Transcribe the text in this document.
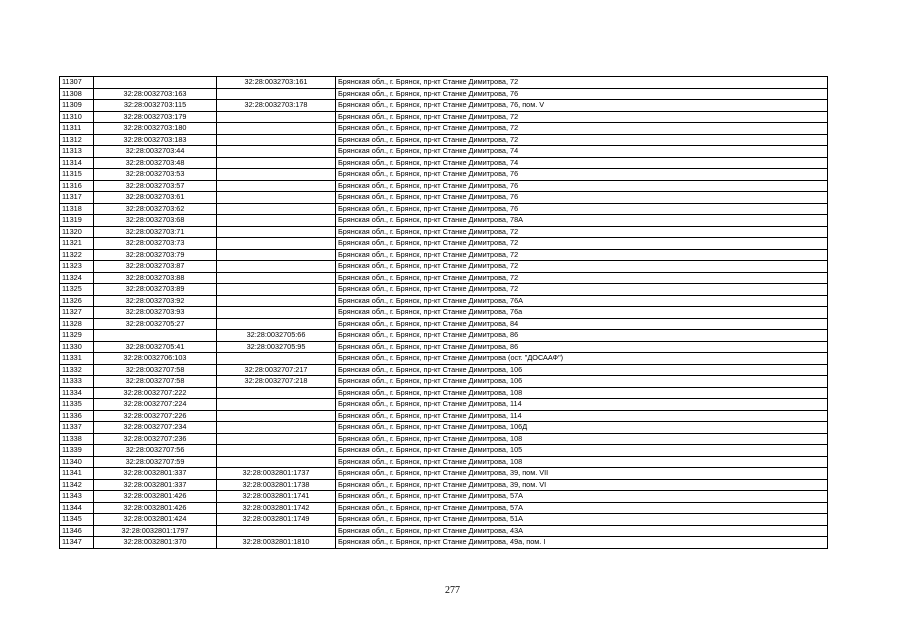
11307		32:28:0032703:161	Брянская обл., г. Брянск, пр-кт Станке Димитрова, 72
11308	32:28:0032703:163		Брянская обл., г. Брянск, пр-кт Станке Димитрова, 76
11309	32:28:0032703:115	32:28:0032703:178	Брянская обл., г. Брянск, пр-кт Станке Димитрова, 76, пом. V
11310	32:28:0032703:179		Брянская обл., г. Брянск, пр-кт Станке Димитрова, 72
11311	32:28:0032703:180		Брянская обл., г. Брянск, пр-кт Станке Димитрова, 72
11312	32:28:0032703:183		Брянская обл., г. Брянск, пр-кт Станке Димитрова, 72
11313	32:28:0032703:44		Брянская обл., г. Брянск, пр-кт Станке Димитрова, 74
11314	32:28:0032703:48		Брянская обл., г. Брянск, пр-кт Станке Димитрова, 74
11315	32:28:0032703:53		Брянская обл., г. Брянск, пр-кт Станке Димитрова, 76
11316	32:28:0032703:57		Брянская обл., г. Брянск, пр-кт Станке Димитрова, 76
11317	32:28:0032703:61		Брянская обл., г. Брянск, пр-кт Станке Димитрова, 76
11318	32:28:0032703:62		Брянская обл., г. Брянск, пр-кт Станке Димитрова, 76
11319	32:28:0032703:68		Брянская обл., г. Брянск, пр-кт Станке Димитрова, 78А
11320	32:28:0032703:71		Брянская обл., г. Брянск, пр-кт Станке Димитрова, 72
11321	32:28:0032703:73		Брянская обл., г. Брянск, пр-кт Станке Димитрова, 72
11322	32:28:0032703:79		Брянская обл., г. Брянск, пр-кт Станке Димитрова, 72
11323	32:28:0032703:87		Брянская обл., г. Брянск, пр-кт Станке Димитрова, 72
11324	32:28:0032703:88		Брянская обл., г. Брянск, пр-кт Станке Димитрова, 72
11325	32:28:0032703:89		Брянская обл., г. Брянск, пр-кт Станке Димитрова, 72
11326	32:28:0032703:92		Брянская обл., г. Брянск, пр-кт Станке Димитрова, 76А
11327	32:28:0032703:93		Брянская обл., г. Брянск, пр-кт Станке Димитрова, 76а
11328	32:28:0032705:27		Брянская обл., г. Брянск, пр-кт Станке Димитрова, 84
11329		32:28:0032705:66	Брянская обл., г. Брянск, пр-кт Станке Димитрова, 86
11330	32:28:0032705:41	32:28:0032705:95	Брянская обл., г. Брянск, пр-кт Станке Димитрова, 86
11331	32:28:0032706:103		Брянская обл., г. Брянск, пр-кт Станке Димитрова (ост. "ДОСААФ")
11332	32:28:0032707:58	32:28:0032707:217	Брянская обл., г. Брянск, пр-кт Станке Димитрова, 106
11333	32:28:0032707:58	32:28:0032707:218	Брянская обл., г. Брянск, пр-кт Станке Димитрова, 106
11334	32:28:0032707:222		Брянская обл., г. Брянск, пр-кт Станке Димитрова, 108
11335	32:28:0032707:224		Брянская обл., г. Брянск, пр-кт Станке Димитрова, 114
11336	32:28:0032707:226		Брянская обл., г. Брянск, пр-кт Станке Димитрова, 114
11337	32:28:0032707:234		Брянская обл., г. Брянск, пр-кт Станке Димитрова, 106Д
11338	32:28:0032707:236		Брянская обл., г. Брянск, пр-кт Станке Димитрова, 108
11339	32:28:0032707:56		Брянская обл., г. Брянск, пр-кт Станке Димитрова, 105
11340	32:28:0032707:59		Брянская обл., г. Брянск, пр-кт Станке Димитрова, 108
11341	32:28:0032801:337	32:28:0032801:1737	Брянская обл., г. Брянск, пр-кт Станке Димитрова, 39, пом. VII
11342	32:28:0032801:337	32:28:0032801:1738	Брянская обл., г. Брянск, пр-кт Станке Димитрова, 39, пом. VI
11343	32:28:0032801:426	32:28:0032801:1741	Брянская обл., г. Брянск, пр-кт Станке Димитрова, 57А
11344	32:28:0032801:426	32:28:0032801:1742	Брянская обл., г. Брянск, пр-кт Станке Димитрова, 57А
11345	32:28:0032801:424	32:28:0032801:1749	Брянская обл., г. Брянск, пр-кт Станке Димитрова, 51А
11346	32:28:0032801:1797		Брянская обл., г. Брянск, пр-кт Станке Димитрова, 43А
11347	32:28:0032801:370	32:28:0032801:1810	Брянская обл., г. Брянск, пр-кт Станке Димитрова, 49а, пом. I
277
